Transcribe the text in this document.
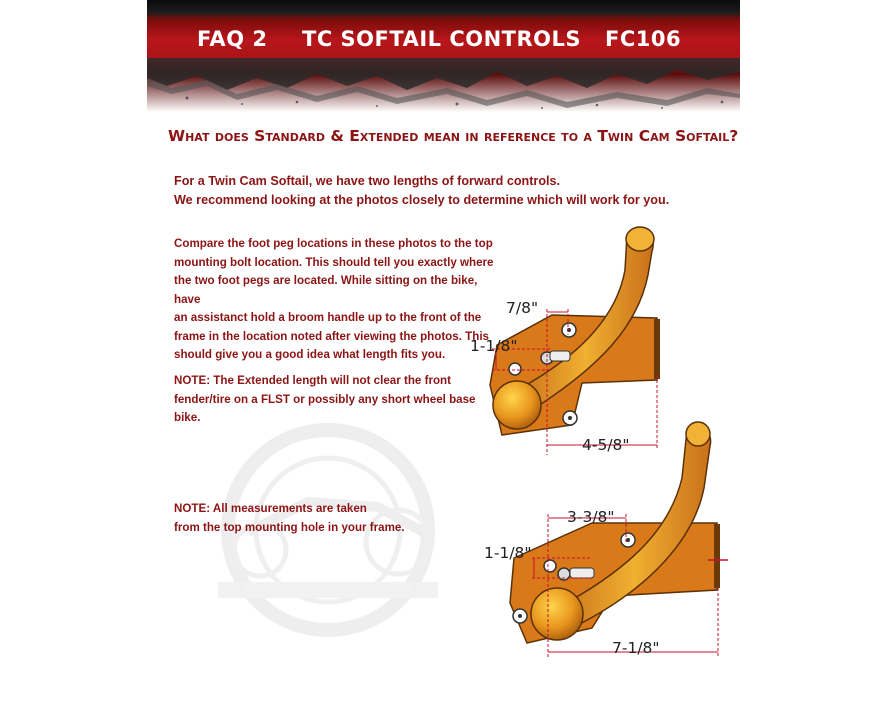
FAQ 2 TC SOFTAIL CONTROLS FC106
What does Standard & Extended mean in reference to a Twin Cam Softail?
For a Twin Cam Softail, we have two lengths of forward controls.
We recommend looking at the photos closely to determine which will work for you.

Compare the foot peg locations in these photos to the top

mounting bolt location. This should tell you exactly where

the two foot pegs are located. While sitting on the bike, have

an assistanct hold a broom handle up to the front of the

frame in the location noted after viewing the photos. This

should give you a good idea what length fits you.

NOTE: The Extended length will not clear the front

fender/tire on a FLST or possibly any short wheel base

bike.

NOTE: All measurements are taken

from the top mounting hole in your frame.

7/8"
1-1/8"
4-5/8"
3-3/8"
1-1/8"
7-1/8"
